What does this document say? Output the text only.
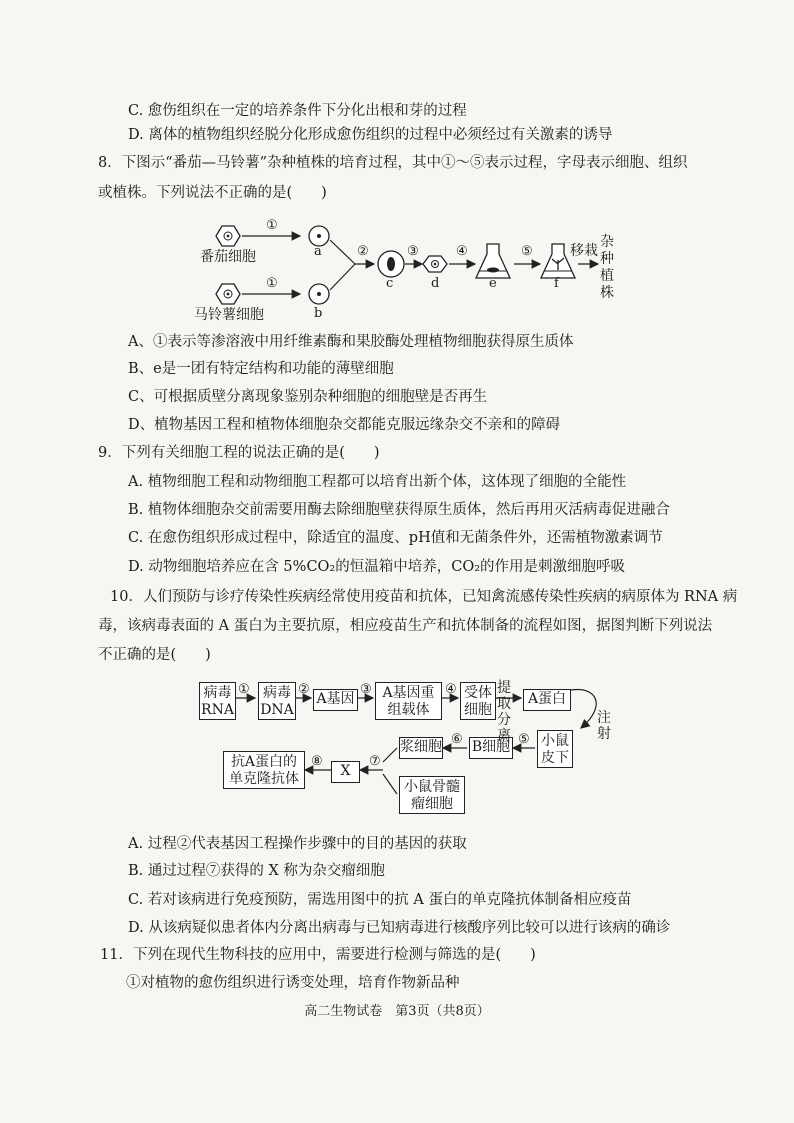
C. 愈伤组织在一定的培养条件下分化出根和芽的过程
D. 离体的植物组织经脱分化形成愈伤组织的过程中必须经过有关激素的诱导
8．下图示“番茄—马铃薯”杂种植株的培育过程，其中①～⑤表示过程，字母表示细胞、组织
或植株。下列说法不正确的是(　　)
①
①
②	③	④	⑤
a
b
c	d	e	f
番茄细胞
马铃薯细胞
移栽
杂种植株
A、①表示等渗溶液中用纤维素酶和果胶酶处理植物细胞获得原生质体
B、e是一团有特定结构和功能的薄壁细胞
C、可根据质壁分离现象鉴别杂种细胞的细胞壁是否再生
D、植物基因工程和植物体细胞杂交都能克服远缘杂交不亲和的障碍
9．下列有关细胞工程的说法正确的是(　　)
A. 植物细胞工程和动物细胞工程都可以培育出新个体，这体现了细胞的全能性
B. 植物体细胞杂交前需要用酶去除细胞壁获得原生质体，然后再用灭活病毒促进融合
C. 在愈伤组织形成过程中，除适宜的温度、pH值和无菌条件外，还需植物激素调节
D. 动物细胞培养应在含 5%CO₂的恒温箱中培养，CO₂的作用是刺激细胞呼吸
10．人们预防与诊疗传染性疾病经常使用疫苗和抗体，已知禽流感传染性疾病的病原体为 RNA 病
毒，该病毒表面的 A 蛋白为主要抗原，相应疫苗生产和抗体制备的流程如图，据图判断下列说法
不正确的是(　　)
病毒RNA
病毒DNA
A基因	A基因重组载体
受体细胞
A蛋白
小鼠皮下
B细胞
浆细胞
小鼠骨髓瘤细胞
X
抗A蛋白的单克隆抗体
①	②	③	④
⑤
⑥
⑦
⑧
提取分离
注射
A. 过程②代表基因工程操作步骤中的目的基因的获取
B. 通过过程⑦获得的 X 称为杂交瘤细胞
C. 若对该病进行免疫预防，需选用图中的抗 A 蛋白的单克隆抗体制备相应疫苗
D. 从该病疑似患者体内分离出病毒与已知病毒进行核酸序列比较可以进行该病的确诊
11．下列在现代生物科技的应用中，需要进行检测与筛选的是(　　)
①对植物的愈伤组织进行诱变处理，培育作物新品种
高二生物试卷　第3页（共8页）
